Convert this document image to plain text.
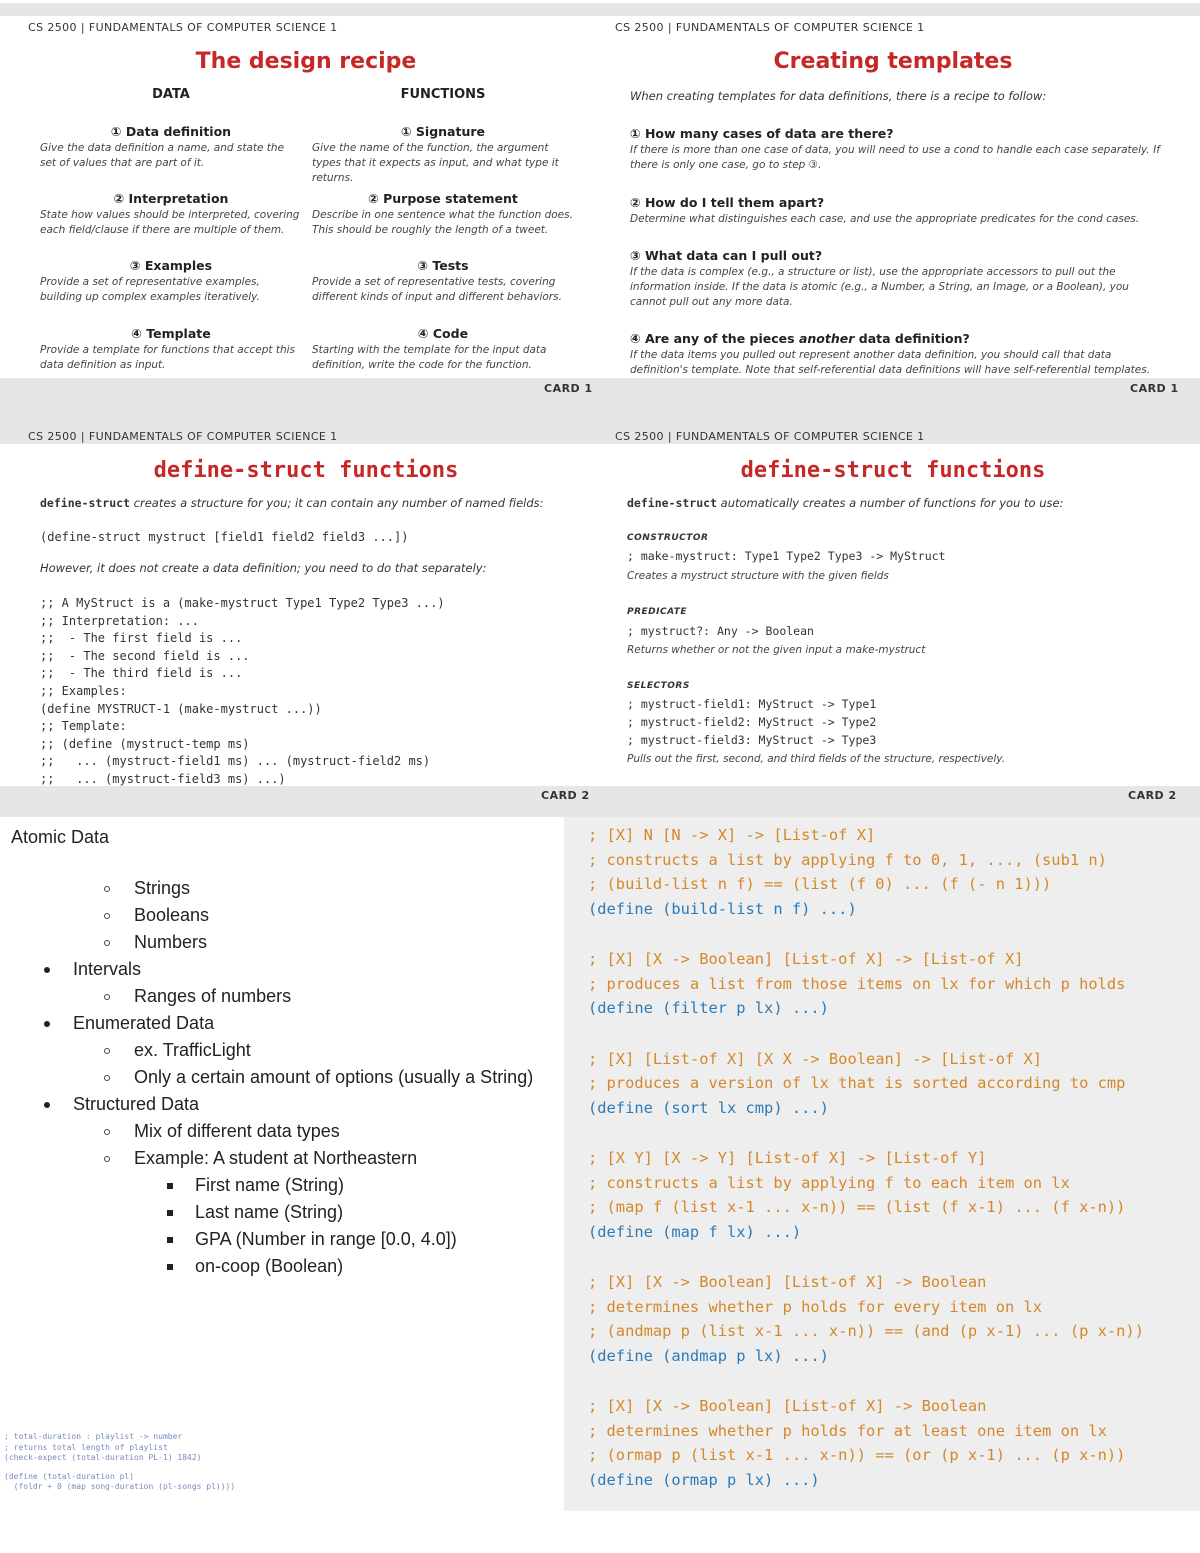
CS 2500 | FUNDAMENTALS OF COMPUTER SCIENCE 1
The design recipe
DATA	FUNCTIONS
① Data definition
Give the data definition a name, and state the set of values that are part of it.
② Interpretation
State how values should be interpreted, covering each field/clause if there are multiple of them.
③ Examples
Provide a set of representative examples, building up complex examples iteratively.
④ Template
Provide a template for functions that accept this data definition as input.
① Signature
Give the name of the function, the argument types that it expects as input, and what type it returns.
② Purpose statement
Describe in one sentence what the function does. This should be roughly the length of a tweet.
③ Tests
Provide a set of representative tests, covering different kinds of input and different behaviors.
④ Code
Starting with the template for the input data definition, write the code for the function.
CARD 1
CS 2500 | FUNDAMENTALS OF COMPUTER SCIENCE 1
Creating templates
When creating templates for data definitions, there is a recipe to follow:
① How many cases of data are there?
If there is more than one case of data, you will need to use a cond to handle each case separately. If there is only one case, go to step ③.
② How do I tell them apart?
Determine what distinguishes each case, and use the appropriate predicates for the cond cases.
③ What data can I pull out?
If the data is complex (e.g., a structure or list), use the appropriate accessors to pull out the information inside. If the data is atomic (e.g., a Number, a String, an Image, or a Boolean), you cannot pull out any more data.
④ Are any of the pieces another data definition?
If the data items you pulled out represent another data definition, you should call that data definition's template. Note that self-referential data definitions will have self-referential templates.
CARD 1
CS 2500 | FUNDAMENTALS OF COMPUTER SCIENCE 1
define-struct functions
define-struct creates a structure for you; it can contain any number of named fields:
(define-struct mystruct [field1 field2 field3 ...])
However, it does not create a data definition; you need to do that separately:
;; A MyStruct is a (make-mystruct Type1 Type2 Type3 ...)
;; Interpretation: ...
;;  - The first field is ...
;;  - The second field is ...
;;  - The third field is ...
;; Examples:
(define MYSTRUCT-1 (make-mystruct ...))
;; Template:
;; (define (mystruct-temp ms)
;;   ... (mystruct-field1 ms) ... (mystruct-field2 ms)
;;   ... (mystruct-field3 ms) ...)
CARD 2
CS 2500 | FUNDAMENTALS OF COMPUTER SCIENCE 1
define-struct functions
define-struct automatically creates a number of functions for you to use:
CONSTRUCTOR
; make-mystruct: Type1 Type2 Type3 -> MyStruct
Creates a mystruct structure with the given fields
PREDICATE
; mystruct?: Any -> Boolean
Returns whether or not the given input a make-mystruct
SELECTORS
; mystruct-field1: MyStruct -> Type1
; mystruct-field2: MyStruct -> Type2
; mystruct-field3: MyStruct -> Type3
Pulls out the first, second, and third fields of the structure, respectively.
CARD 2
Atomic Data
Strings
Booleans
Numbers
Intervals
Ranges of numbers
Enumerated Data
ex. TrafficLight
Only a certain amount of options (usually a String)
Structured Data
Mix of different data types
Example: A student at Northeastern
First name (String)
Last name (String)
GPA (Number in range [0.0, 4.0])
on-coop (Boolean)
; total-duration : playlist -> number
; returns total length of playlist
(check-expect (total-duration PL-1) 1842)
(define (total-duration pl)
(foldr + 0 (map song-duration (pl-songs pl))))
; [X] N [N -> X] -> [List-of X]
; constructs a list by applying f to 0, 1, ..., (sub1 n)
; (build-list n f) == (list (f 0) ... (f (- n 1)))
(define (build-list n f) ...)
; [X] [X -> Boolean] [List-of X] -> [List-of X]
; produces a list from those items on lx for which p holds
(define (filter p lx) ...)
; [X] [List-of X] [X X -> Boolean] -> [List-of X]
; produces a version of lx that is sorted according to cmp
(define (sort lx cmp) ...)
; [X Y] [X -> Y] [List-of X] -> [List-of Y]
; constructs a list by applying f to each item on lx
; (map f (list x-1 ... x-n)) == (list (f x-1) ... (f x-n))
(define (map f lx) ...)
; [X] [X -> Boolean] [List-of X] -> Boolean
; determines whether p holds for every item on lx
; (andmap p (list x-1 ... x-n)) == (and (p x-1) ... (p x-n))
(define (andmap p lx) ...)
; [X] [X -> Boolean] [List-of X] -> Boolean
; determines whether p holds for at least one item on lx
; (ormap p (list x-1 ... x-n)) == (or (p x-1) ... (p x-n))
(define (ormap p lx) ...)
